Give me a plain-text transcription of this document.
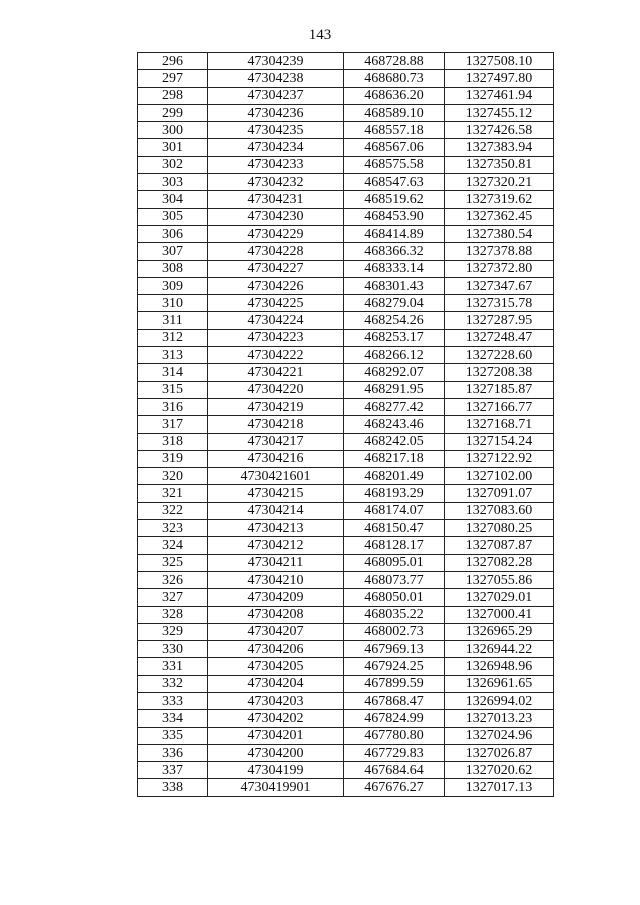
143
296	47304239	468728.88	1327508.10
297	47304238	468680.73	1327497.80
298	47304237	468636.20	1327461.94
299	47304236	468589.10	1327455.12
300	47304235	468557.18	1327426.58
301	47304234	468567.06	1327383.94
302	47304233	468575.58	1327350.81
303	47304232	468547.63	1327320.21
304	47304231	468519.62	1327319.62
305	47304230	468453.90	1327362.45
306	47304229	468414.89	1327380.54
307	47304228	468366.32	1327378.88
308	47304227	468333.14	1327372.80
309	47304226	468301.43	1327347.67
310	47304225	468279.04	1327315.78
311	47304224	468254.26	1327287.95
312	47304223	468253.17	1327248.47
313	47304222	468266.12	1327228.60
314	47304221	468292.07	1327208.38
315	47304220	468291.95	1327185.87
316	47304219	468277.42	1327166.77
317	47304218	468243.46	1327168.71
318	47304217	468242.05	1327154.24
319	47304216	468217.18	1327122.92
320	4730421601	468201.49	1327102.00
321	47304215	468193.29	1327091.07
322	47304214	468174.07	1327083.60
323	47304213	468150.47	1327080.25
324	47304212	468128.17	1327087.87
325	47304211	468095.01	1327082.28
326	47304210	468073.77	1327055.86
327	47304209	468050.01	1327029.01
328	47304208	468035.22	1327000.41
329	47304207	468002.73	1326965.29
330	47304206	467969.13	1326944.22
331	47304205	467924.25	1326948.96
332	47304204	467899.59	1326961.65
333	47304203	467868.47	1326994.02
334	47304202	467824.99	1327013.23
335	47304201	467780.80	1327024.96
336	47304200	467729.83	1327026.87
337	47304199	467684.64	1327020.62
338	4730419901	467676.27	1327017.13
